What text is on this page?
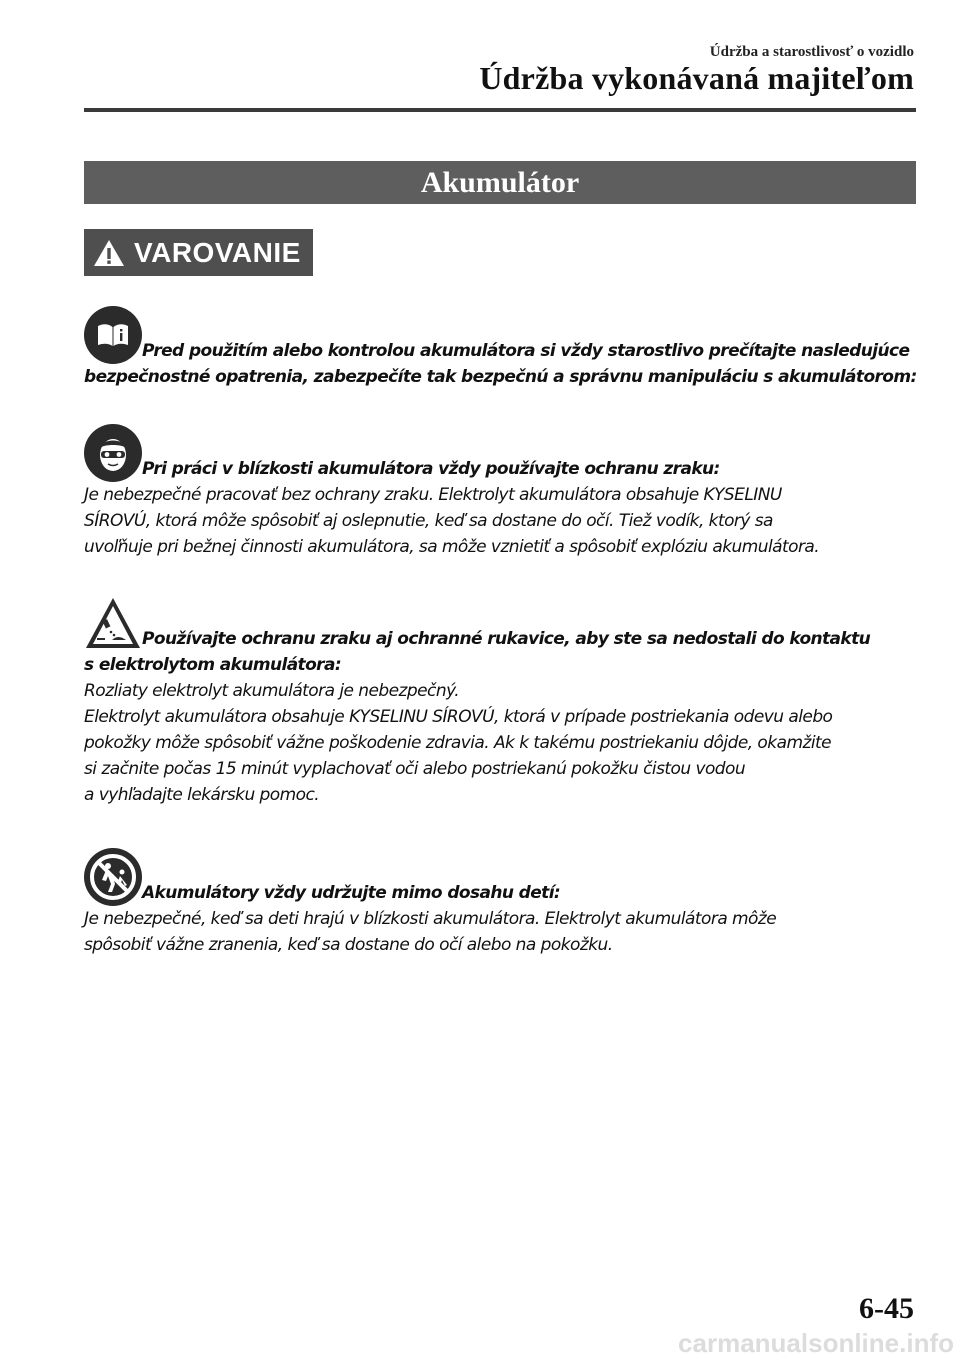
Údržba a starostlivosť o vozidlo
Údržba vykonávaná majiteľom
Akumulátor
VAROVANIE
Pred použitím alebo kontrolou akumulátora si vždy starostlivo prečítajte nasledujúce
bezpečnostné opatrenia, zabezpečíte tak bezpečnú a správnu manipuláciu s akumulátorom:
Pri práci v blízkosti akumulátora vždy používajte ochranu zraku:

Je nebezpečné pracovať bez ochrany zraku. Elektrolyt akumulátora obsahuje KYSELINU
SÍROVÚ, ktorá môže spôsobiť aj oslepnutie, keď sa dostane do očí. Tiež vodík, ktorý sa
uvoľňuje pri bežnej činnosti akumulátora, sa môže vznietiť a spôsobiť explóziu akumulátora.

Používajte ochranu zraku aj ochranné rukavice, aby ste sa nedostali do kontaktu
s elektrolytom akumulátora:

Rozliaty elektrolyt akumulátora je nebezpečný.
Elektrolyt akumulátora obsahuje KYSELINU SÍROVÚ, ktorá v prípade postriekania odevu alebo
pokožky môže spôsobiť vážne poškodenie zdravia. Ak k takému postriekaniu dôjde, okamžite
si začnite počas 15 minút vyplachovať oči alebo postriekanú pokožku čistou vodou
a vyhľadajte lekársku pomoc.

Akumulátory vždy udržujte mimo dosahu detí:

Je nebezpečné, keď sa deti hrajú v blízkosti akumulátora. Elektrolyt akumulátora môže
spôsobiť vážne zranenia, keď sa dostane do očí alebo na pokožku.

6-45
carmanualsonline.info
